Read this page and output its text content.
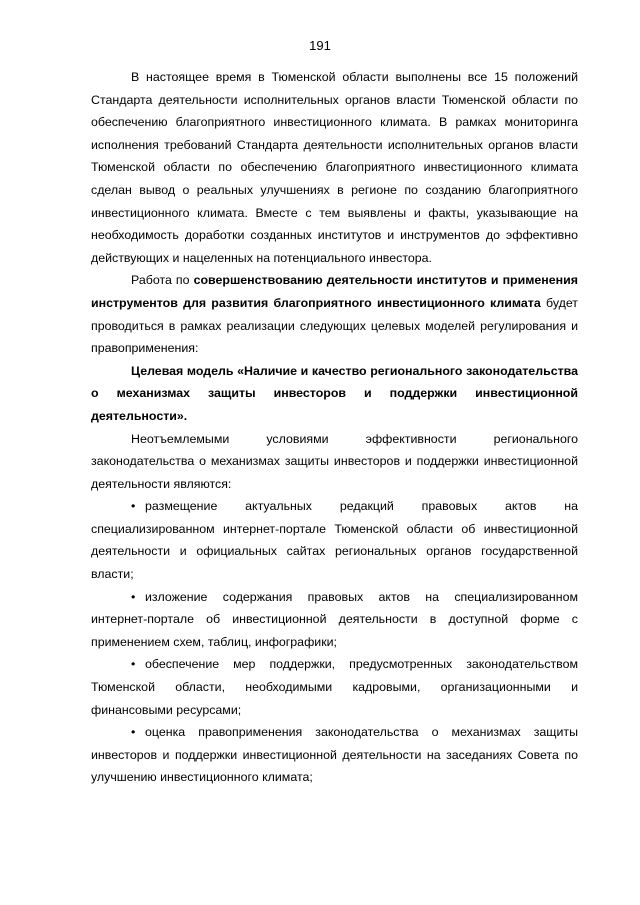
191

В настоящее время в Тюменской области выполнены все 15 положений Стандарта деятельности исполнительных органов власти Тюменской области по обеспечению благоприятного инвестиционного климата. В рамках мониторинга исполнения требований Стандарта деятельности исполнительных органов власти Тюменской области по обеспечению благоприятного инвестиционного климата сделан вывод о реальных улучшениях в регионе по созданию благоприятного инвестиционного климата. Вместе с тем выявлены и факты, указывающие на необходимость доработки созданных институтов и инструментов до эффективно действующих и нацеленных на потенциального инвестора.

Работа по совершенствованию деятельности институтов и применения инструментов для развития благоприятного инвестиционного климата будет проводиться в рамках реализации следующих целевых моделей регулирования и правоприменения:

Целевая модель «Наличие и качество регионального законодательства о механизмах защиты инвесторов и поддержки инвестиционной деятельности».

Неотъемлемыми условиями эффективности регионального законодательства о механизмах защиты инвесторов и поддержки инвестиционной деятельности являются:

• размещение актуальных редакций правовых актов на специализированном интернет-портале Тюменской области об инвестиционной деятельности и официальных сайтах региональных органов государственной власти;

• изложение содержания правовых актов на специализированном интернет-портале об инвестиционной деятельности в доступной форме с применением схем, таблиц, инфографики;

• обеспечение мер поддержки, предусмотренных законодательством Тюменской области, необходимыми кадровыми, организационными и финансовыми ресурсами;

• оценка правоприменения законодательства о механизмах защиты инвесторов и поддержки инвестиционной деятельности на заседаниях Совета по улучшению инвестиционного климата;
